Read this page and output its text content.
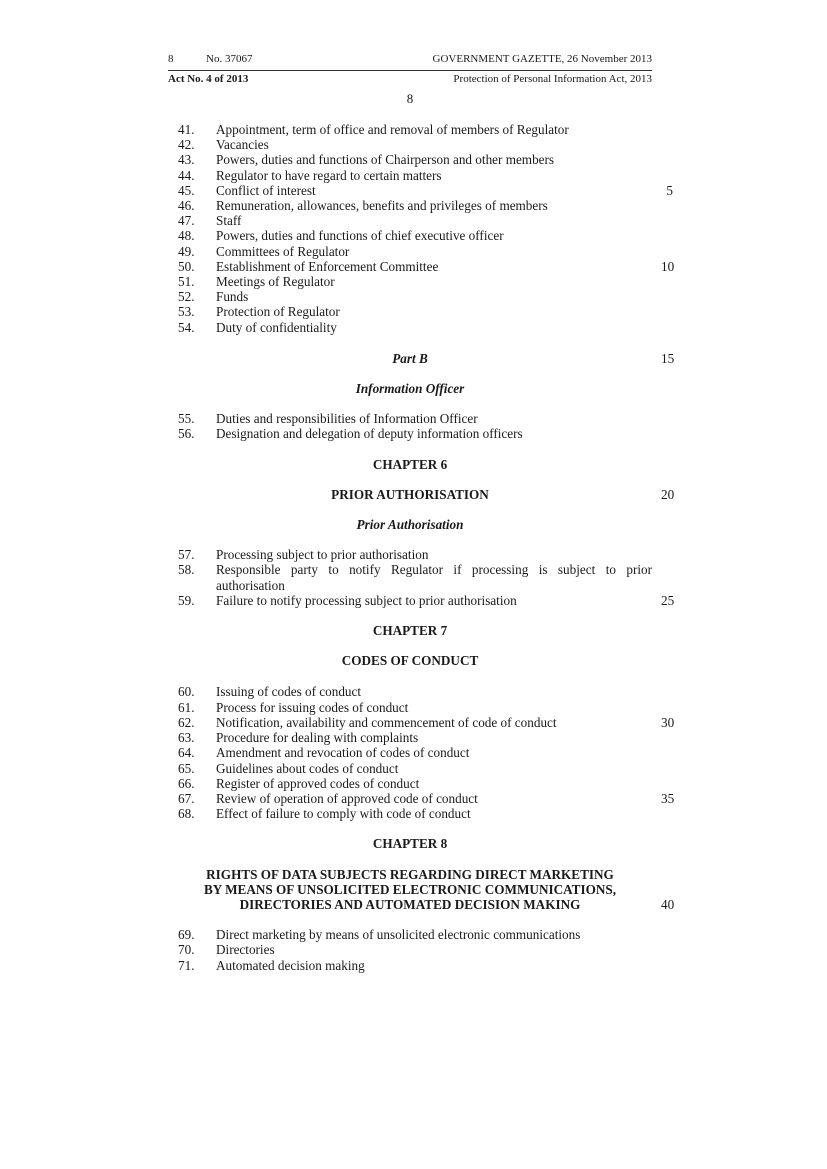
8	No. 37067	GOVERNMENT GAZETTE, 26 November 2013
Act No. 4 of 2013	Protection of Personal Information Act, 2013
8
41.	Appointment, term of office and removal of members of Regulator
42.	Vacancies
43.	Powers, duties and functions of Chairperson and other members
44.	Regulator to have regard to certain matters
45.	Conflict of interest	5
46.	Remuneration, allowances, benefits and privileges of members
47.	Staff
48.	Powers, duties and functions of chief executive officer
49.	Committees of Regulator
50.	Establishment of Enforcement Committee	10
51.	Meetings of Regulator
52.	Funds
53.	Protection of Regulator
54.	Duty of confidentiality
Part B	15
Information Officer
55.	Duties and responsibilities of Information Officer
56.	Designation and delegation of deputy information officers
CHAPTER 6
PRIOR AUTHORISATION	20
Prior Authorisation
57.	Processing subject to prior authorisation
58.	Responsible party to notify Regulator if processing is subject to prior
authorisation
59.	Failure to notify processing subject to prior authorisation	25
CHAPTER 7
CODES OF CONDUCT
60.	Issuing of codes of conduct
61.	Process for issuing codes of conduct
62.	Notification, availability and commencement of code of conduct	30
63.	Procedure for dealing with complaints
64.	Amendment and revocation of codes of conduct
65.	Guidelines about codes of conduct
66.	Register of approved codes of conduct
67.	Review of operation of approved code of conduct	35
68.	Effect of failure to comply with code of conduct
CHAPTER 8
RIGHTS OF DATA SUBJECTS REGARDING DIRECT MARKETING
BY MEANS OF UNSOLICITED ELECTRONIC COMMUNICATIONS,
DIRECTORIES AND AUTOMATED DECISION MAKING	40
69.	Direct marketing by means of unsolicited electronic communications
70.	Directories
71.	Automated decision making
